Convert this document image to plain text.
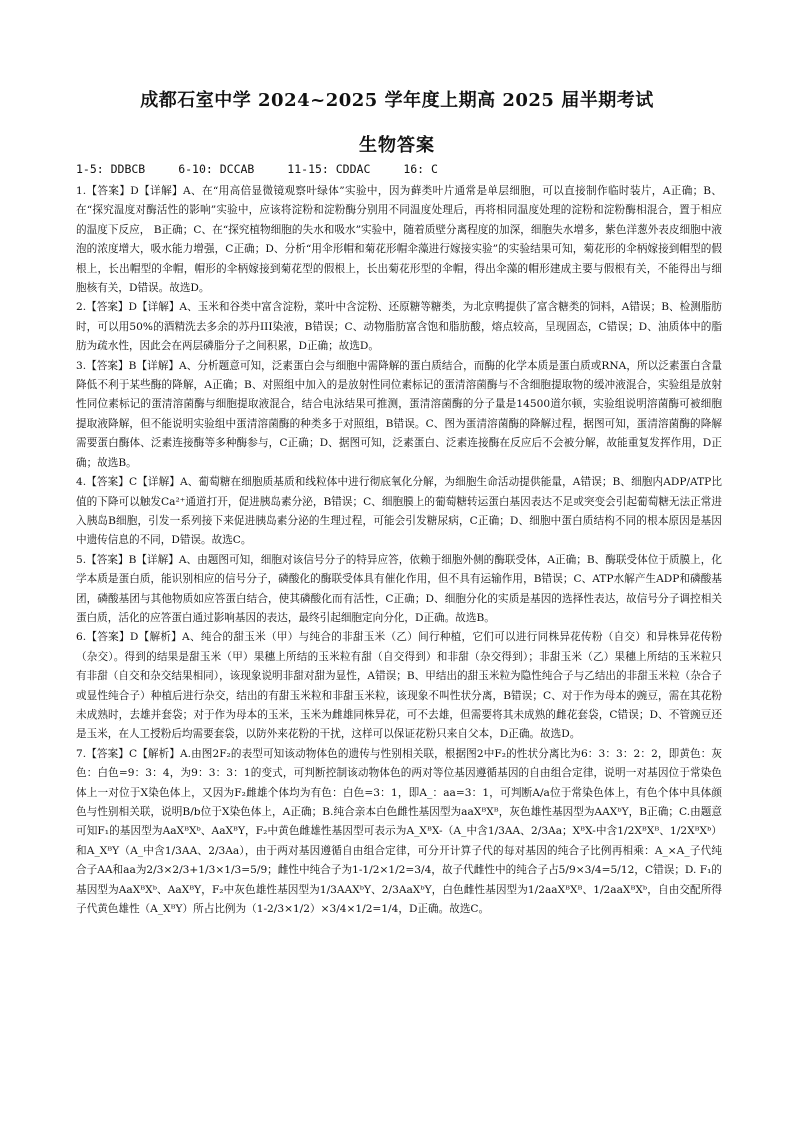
成都石室中学 2024~2025 学年度上期高 2025 届半期考试
生物答案
1-5: DDBCB	6-10: DCCAB	11-15: CDDAC	16: C

1.【答案】D【详解】A、在“用高倍显微镜观察叶绿体”实验中，因为藓类叶片通常是单层细胞，可以直接制作临时装片，A正确；B、在“探究温度对酶活性的影响”实验中，应该将淀粉和淀粉酶分别用不同温度处理后，再将相同温度处理的淀粉和淀粉酶相混合，置于相应的温度下反应， B正确；C、在“探究植物细胞的失水和吸水”实验中，随着质壁分离程度的加深，细胞失水增多，紫色洋葱外表皮细胞中液泡的浓度增大，吸水能力增强，C正确；D、分析“用伞形帽和菊花形帽伞藻进行嫁接实验”的实验结果可知，菊花形的伞柄嫁接到帽型的假根上，长出帽型的伞帽，帽形的伞柄嫁接到菊花型的假根上，长出菊花形型的伞帽，得出伞藻的帽形建成主要与假根有关，不能得出与细胞核有关，D错误。故选D。

2.【答案】D【详解】A、玉米和谷类中富含淀粉，菜叶中含淀粉、还原糖等糖类，为北京鸭提供了富含糖类的饲料，A错误；B、检测脂肪时，可以用50%的酒精洗去多余的苏丹III染液，B错误；C、动物脂肪富含饱和脂肪酸，熔点较高，呈现固态，C错误；D、油质体中的脂肪为疏水性，因此会在两层磷脂分子之间积累，D正确；故选D。

3.【答案】B【详解】A、分析题意可知，泛素蛋白会与细胞中需降解的蛋白质结合，而酶的化学本质是蛋白质或RNA，所以泛素蛋白含量降低不利于某些酶的降解，A正确；B、对照组中加入的是放射性同位素标记的蛋清溶菌酶与不含细胞提取物的缓冲液混合，实验组是放射性同位素标记的蛋清溶菌酶与细胞提取液混合，结合电泳结果可推测，蛋清溶菌酶的分子量是14500道尔顿，实验组说明溶菌酶可被细胞提取液降解，但不能说明实验组中蛋清溶菌酶的种类多于对照组，B错误。C、图为蛋清溶菌酶的降解过程，据图可知，蛋清溶菌酶的降解需要蛋白酶体、泛素连接酶等多种酶参与，C正确；D、据图可知，泛素蛋白、泛素连接酶在反应后不会被分解，故能重复发挥作用，D正确；故选B。

4.【答案】C【详解】A、葡萄糖在细胞质基质和线粒体中进行彻底氧化分解，为细胞生命活动提供能量，A错误；B、细胞内ADP/ATP比值的下降可以触发Ca²⁺通道打开，促进胰岛素分泌，B错误；C、细胞膜上的葡萄糖转运蛋白基因表达不足或突变会引起葡萄糖无法正常进入胰岛B细胞，引发一系列接下来促进胰岛素分泌的生理过程，可能会引发糖尿病，C正确；D、细胞中蛋白质结构不同的根本原因是基因中遗传信息的不同，D错误。故选C。

5.【答案】B【详解】A、由题图可知，细胞对该信号分子的特异应答，依赖于细胞外侧的酶联受体，A正确；B、酶联受体位于质膜上，化学本质是蛋白质，能识别相应的信号分子，磷酸化的酶联受体具有催化作用，但不具有运输作用，B错误；C、ATP水解产生ADP和磷酸基团，磷酸基团与其他物质如应答蛋白结合，使其磷酸化而有活性，C正确；D、细胞分化的实质是基因的选择性表达，故信号分子调控相关蛋白质，活化的应答蛋白通过影响基因的表达，最终引起细胞定向分化，D正确。故选B。

6.【答案】D【解析】A、纯合的甜玉米（甲）与纯合的非甜玉米（乙）间行种植，它们可以进行同株异花传粉（自交）和异株异花传粉（杂交）。得到的结果是甜玉米（甲）果穗上所结的玉米粒有甜（自交得到）和非甜（杂交得到）；非甜玉米（乙）果穗上所结的玉米粒只有非甜（自交和杂交结果相同），该现象说明非甜对甜为显性，A错误；B、甲结出的甜玉米粒为隐性纯合子与乙结出的非甜玉米粒（杂合子或显性纯合子）种植后进行杂交，结出的有甜玉米粒和非甜玉米粒，该现象不叫性状分离，B错误；C、对于作为母本的豌豆，需在其花粉未成熟时，去雄并套袋；对于作为母本的玉米，玉米为雌雄同株异花，可不去雄，但需要将其未成熟的雌花套袋，C错误；D、不管豌豆还是玉米，在人工授粉后均需要套袋，以防外来花粉的干扰，这样可以保证花粉只来自父本，D正确。故选D。

7.【答案】C【解析】A.由图2F₂的表型可知该动物体色的遗传与性别相关联，根据图2中F₂的性状分离比为6：3：3：2：2，即黄色：灰色：白色=9：3：4，为9：3：3：1的变式，可判断控制该动物体色的两对等位基因遵循基因的自由组合定律，说明一对基因位于常染色体上一对位于X染色体上，又因为F₂雌雄个体均为有色：白色=3：1，即A_：aa=3：1，可判断A/a位于常染色体上，有色个体中具体颜色与性别相关联，说明B/b位于X染色体上，A正确；B.纯合亲本白色雌性基因型为aaXᴮXᴮ，灰色雄性基因型为AAXᵇY，B正确；C.由题意可知F₁的基因型为AaXᴮXᵇ、AaXᴮY，F₂中黄色雌雄性基因型可表示为A_XᴮX-（A_中含1/3AA、2/3Aa；XᴮX-中含1/2XᴮXᴮ、1/2XᴮXᵇ）和A_XᴮY（A_中含1/3AA、2/3Aa），由于两对基因遵循自由组合定律，可分开计算子代的每对基因的纯合子比例再相乘：A_×A_子代纯合子AA和aa为2/3×2/3+1/3×1/3=5/9；雌性中纯合子为1-1/2×1/2=3/4，故子代雌性中的纯合子占5/9×3/4=5/12，C错误；D. F₁的基因型为AaXᴮXᵇ、AaXᴮY，F₂中灰色雄性基因型为1/3AAXᵇY、2/3AaXᵇY，白色雌性基因型为1/2aaXᴮXᴮ、1/2aaXᴮXᵇ，自由交配所得子代黄色雄性（A_XᴮY）所占比例为（1-2/3×1/2）×3/4×1/2=1/4，D正确。故选C。
